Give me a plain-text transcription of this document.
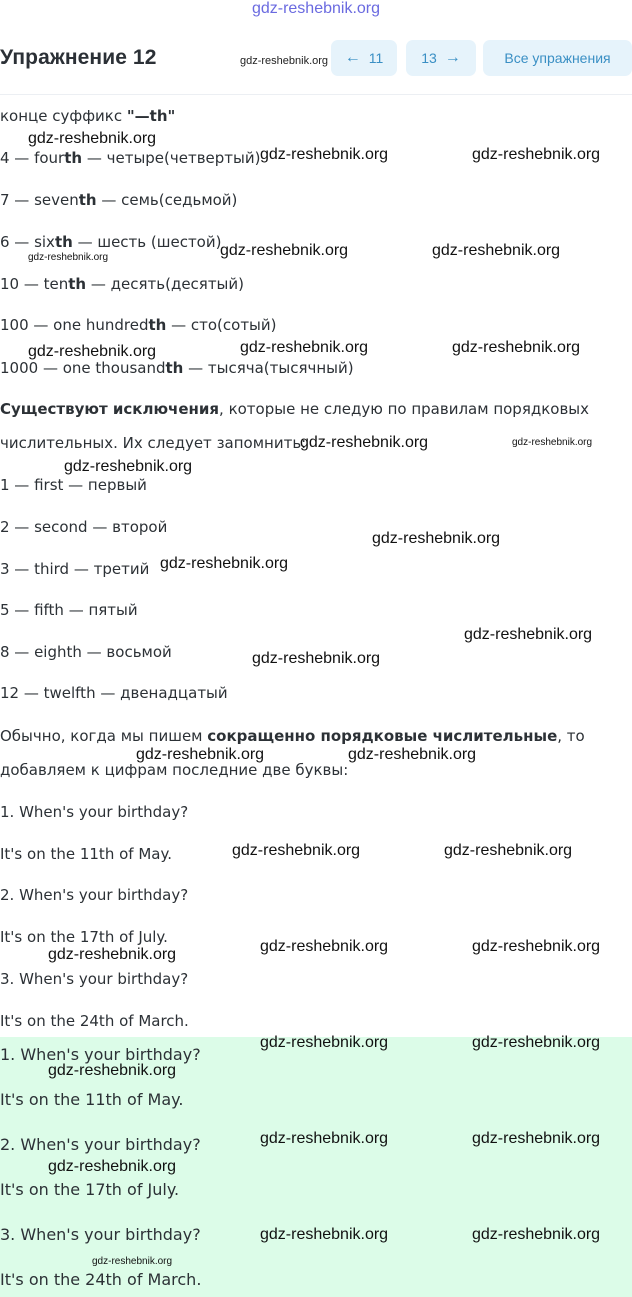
gdz-reshebnik.org
Упражнение 12	gdz-reshebnik.org ← 11	13 →	Все упражнения
конце суффикс "—th"
4 — fourth — четыре(четвертый)
7 — seventh — семь(седьмой)
6 — sixth — шесть (шестой)
10 — tenth — десять(десятый)
100 — one hundredth — сто(сотый)
1000 — one thousandth — тысяча(тысячный)
Существуют исключения, которые не следую по правилам порядковых
числительных. Их следует запомнить:
1 — first — первый
2 — second — второй
3 — third — третий
5 — fifth — пятый
8 — eighth — восьмой
12 — twelfth — двенадцатый
Обычно, когда мы пишем сокращенно порядковые числительные, то
добавляем к цифрам последние две буквы:
1. When's your birthday?
It's on the 11th of May.
2. When's your birthday?
It's on the 17th of July.
3. When's your birthday?
It's on the 24th of March.
1. When's your birthday?
It's on the 11th of May.
2. When's your birthday?
It's on the 17th of July.
3. When's your birthday?
It's on the 24th of March.
gdz-reshebnik.org
gdz-reshebnik.org	gdz-reshebnik.org
gdz-reshebnik.org	gdz-reshebnik.org	gdz-reshebnik.org
gdz-reshebnik.org	gdz-reshebnik.org	gdz-reshebnik.org
gdz-reshebnik.org	gdz-reshebnik.org
gdz-reshebnik.org
gdz-reshebnik.org
gdz-reshebnik.org
gdz-reshebnik.org
gdz-reshebnik.org
gdz-reshebnik.org	gdz-reshebnik.org
gdz-reshebnik.org	gdz-reshebnik.org
gdz-reshebnik.org	gdz-reshebnik.org
gdz-reshebnik.org
gdz-reshebnik.org	gdz-reshebnik.org
gdz-reshebnik.org
gdz-reshebnik.org	gdz-reshebnik.org
gdz-reshebnik.org
gdz-reshebnik.org	gdz-reshebnik.org
gdz-reshebnik.org
